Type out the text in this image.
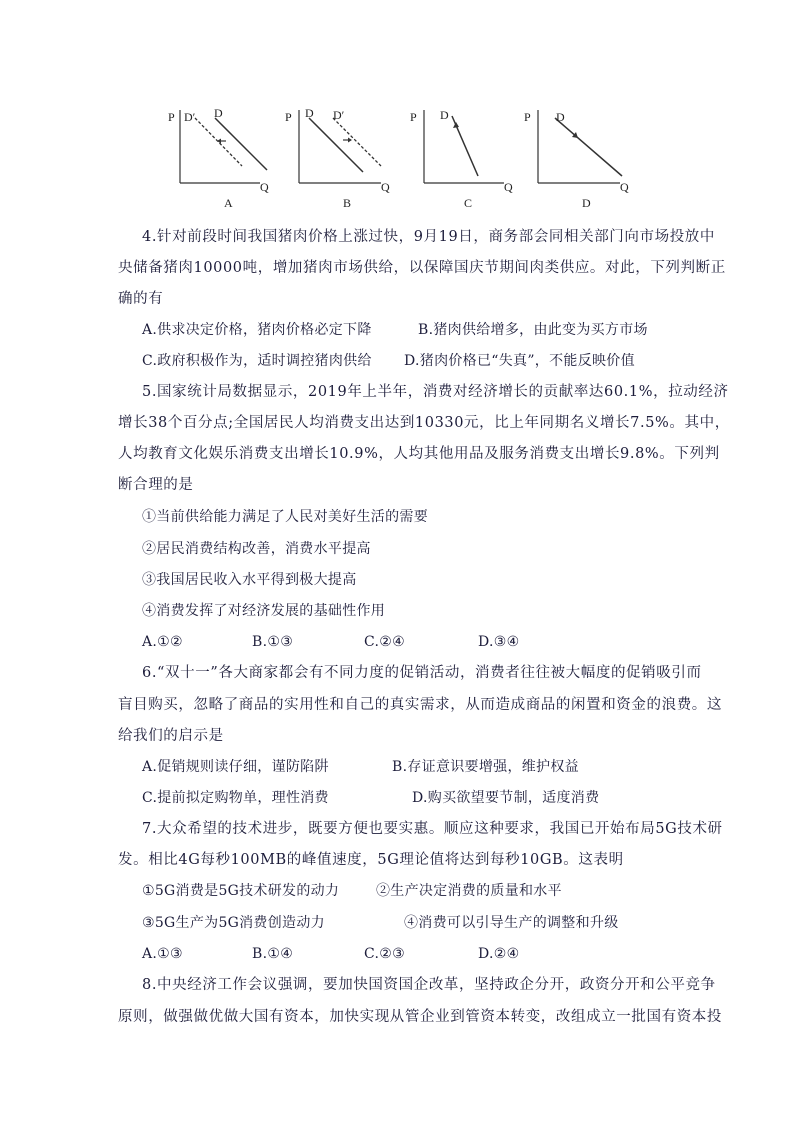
P D′ D
Q
A
P D D′
Q
B
P D
Q
C
P D
Q
D
4.针对前段时间我国猪肉价格上涨过快，9月19日，商务部会同相关部门向市场投放中
央储备猪肉10000吨，增加猪肉市场供给，以保障国庆节期间肉类供应。对此，下列判断正
确的有
A.供求决定价格，猪肉价格必定下降	B.猪肉供给增多，由此变为买方市场
C.政府积极作为，适时调控猪肉供给 D.猪肉价格已“失真”，不能反映价值
5.国家统计局数据显示，2019年上半年，消费对经济增长的贡献率达60.1%，拉动经济
增长38个百分点;全国居民人均消费支出达到10330元，比上年同期名义增长7.5%。其中，
人均教育文化娱乐消费支出增长10.9%，人均其他用品及服务消费支出增长9.8%。下列判
断合理的是
①当前供给能力满足了人民对美好生活的需要
②居民消费结构改善，消费水平提高
③我国居民收入水平得到极大提高
④消费发挥了对经济发展的基础性作用
A.①②	B.①③	C.②④	D.③④
6.“双十一”各大商家都会有不同力度的促销活动，消费者往往被大幅度的促销吸引而
盲目购买，忽略了商品的实用性和自己的真实需求，从而造成商品的闲置和资金的浪费。这
给我们的启示是
A.促销规则读仔细，谨防陷阱	B.存证意识要增强，维护权益
C.提前拟定购物单，理性消费	D.购买欲望要节制，适度消费
7.大众希望的技术进步，既要方便也要实惠。顺应这种要求，我国已开始布局5G技术研
发。相比4G每秒100MB的峰值速度，5G理论值将达到每秒10GB。这表明
①5G消费是5G技术研发的动力	②生产决定消费的质量和水平
③5G生产为5G消费创造动力	④消费可以引导生产的调整和升级
A.①③	B.①④	C.②③	D.②④
8.中央经济工作会议强调，要加快国资国企改革，坚持政企分开，政资分开和公平竞争
原则，做强做优做大国有资本，加快实现从管企业到管资本转变，改组成立一批国有资本投
